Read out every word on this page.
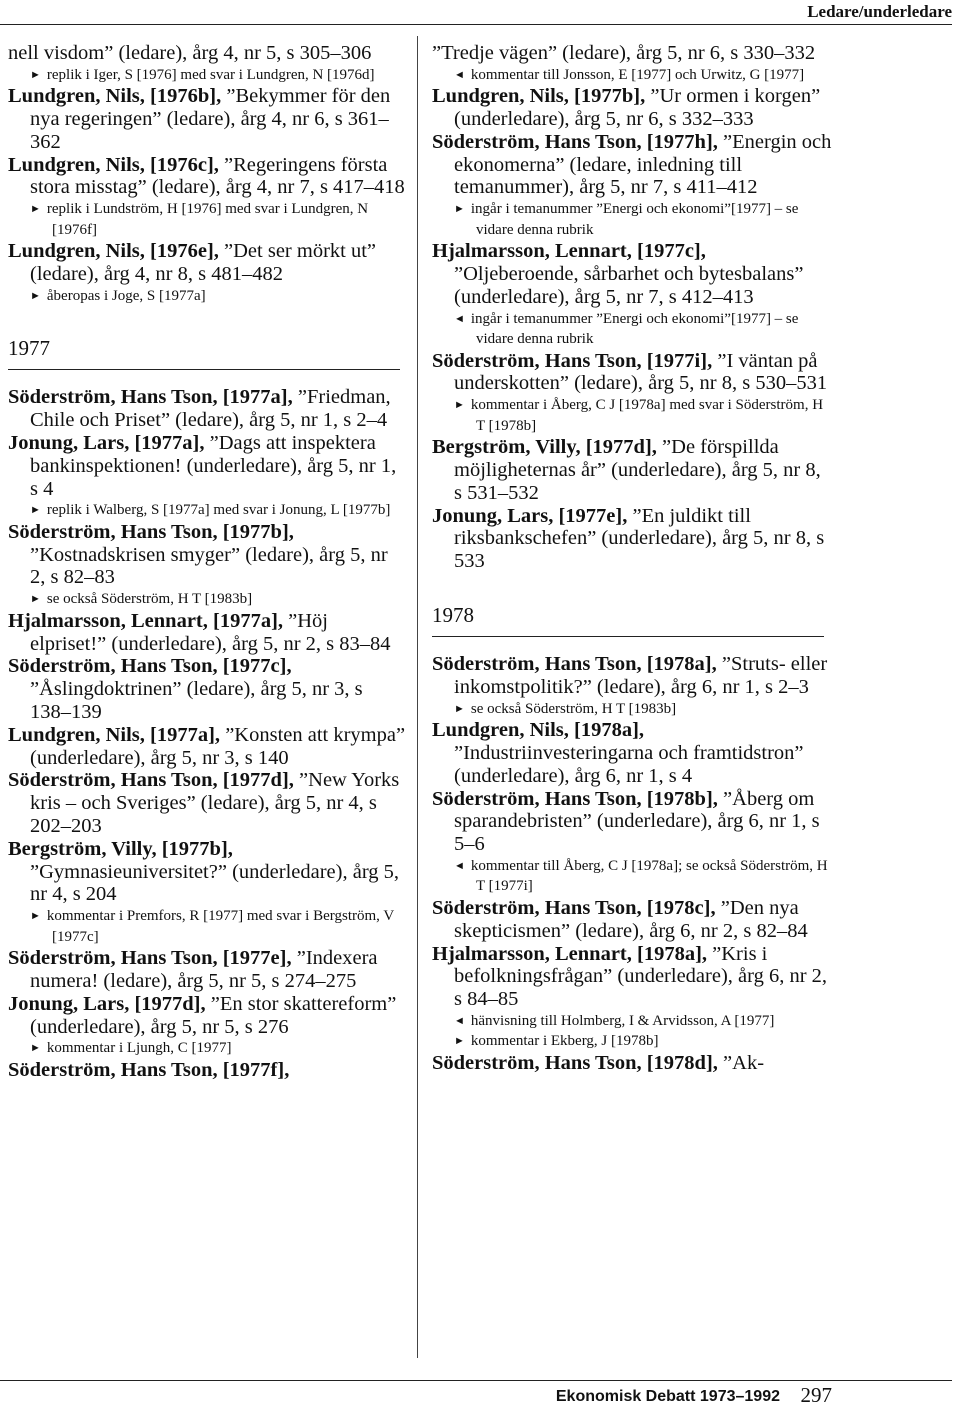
Ledare/underledare
nell visdom” (ledare), årg 4, nr 5, s 305–306
► replik i Iger, S [1976] med svar i Lundgren, N [1976d]
Lundgren, Nils, [1976b], ”Bekymmer för den nya regeringen” (ledare), årg 4, nr 6, s 361–362
Lundgren, Nils, [1976c], ”Regeringens första stora misstag” (ledare), årg 4, nr 7, s 417–418
► replik i Lundström, H [1976] med svar i Lundgren, N [1976f]
Lundgren, Nils, [1976e], ”Det ser mörkt ut” (ledare), årg 4, nr 8, s 481–482
► åberopas i Joge, S [1977a]
1977
Söderström, Hans Tson, [1977a], ”Friedman, Chile och Priset” (ledare), årg 5, nr 1, s 2–4
Jonung, Lars, [1977a], ”Dags att inspektera bankinspektionen! (underledare), årg 5, nr 1, s 4
► replik i Walberg, S [1977a] med svar i Jonung, L [1977b]
Söderström, Hans Tson, [1977b], ”Kostnadskrisen smyger” (ledare), årg 5, nr 2, s 82–83
► se också Söderström, H T [1983b]
Hjalmarsson, Lennart, [1977a], ”Höj elpriset!” (underledare), årg 5, nr 2, s 83–84
Söderström, Hans Tson, [1977c], ”Åslingdoktrinen” (ledare), årg 5, nr 3, s 138–139
Lundgren, Nils, [1977a], ”Konsten att krympa” (underledare), årg 5, nr 3, s 140
Söderström, Hans Tson, [1977d], ”New Yorks kris – och Sveriges” (ledare), årg 5, nr 4, s 202–203
Bergström, Villy, [1977b], ”Gymnasieuniversitet?” (underledare), årg 5, nr 4, s 204
► kommentar i Premfors, R [1977] med svar i Bergström, V [1977c]
Söderström, Hans Tson, [1977e], ”Indexera numera! (ledare), årg 5, nr 5, s 274–275
Jonung, Lars, [1977d], ”En stor skattereform” (underledare), årg 5, nr 5, s 276
► kommentar i Ljungh, C [1977]
Söderström, Hans Tson, [1977f],
”Tredje vägen” (ledare), årg 5, nr 6, s 330–332
◄ kommentar till Jonsson, E [1977] och Urwitz, G [1977]
Lundgren, Nils, [1977b], ”Ur ormen i korgen” (underledare), årg 5, nr 6, s 332–333
Söderström, Hans Tson, [1977h], ”Energin och ekonomerna” (ledare, inledning till temanummer), årg 5, nr 7, s 411–412
► ingår i temanummer ”Energi och ekonomi”[1977] – se vidare denna rubrik
Hjalmarsson, Lennart, [1977c], ”Oljeberoende, sårbarhet och bytesbalans” (underledare), årg 5, nr 7, s 412–413
◄ ingår i temanummer ”Energi och ekonomi”[1977] – se vidare denna rubrik
Söderström, Hans Tson, [1977i], ”I väntan på underskotten” (ledare), årg 5, nr 8, s 530–531
► kommentar i Åberg, C J [1978a] med svar i Söderström, H T [1978b]
Bergström, Villy, [1977d], ”De förspillda möjligheternas år” (underledare), årg 5, nr 8, s 531–532
Jonung, Lars, [1977e], ”En juldikt till riksbankschefen” (underledare), årg 5, nr 8, s 533
1978
Söderström, Hans Tson, [1978a], ”Struts- eller inkomstpolitik?” (ledare), årg 6, nr 1, s 2–3
► se också Söderström, H T [1983b]
Lundgren, Nils, [1978a], ”Industriinvesteringarna och framtidstron” (underledare), årg 6, nr 1, s 4
Söderström, Hans Tson, [1978b], ”Åberg om sparandebristen” (underledare), årg 6, nr 1, s 5–6
◄ kommentar till Åberg, C J [1978a]; se också Söderström, H T [1977i]
Söderström, Hans Tson, [1978c], ”Den nya skepticismen” (ledare), årg 6, nr 2, s 82–84
Hjalmarsson, Lennart, [1978a], ”Kris i befolkningsfrågan” (underledare), årg 6, nr 2, s 84–85
◄ hänvisning till Holmberg, I & Arvidsson, A [1977]
► kommentar i Ekberg, J [1978b]
Söderström, Hans Tson, [1978d], ”Ak-
Ekonomisk Debatt 1973–1992 297
